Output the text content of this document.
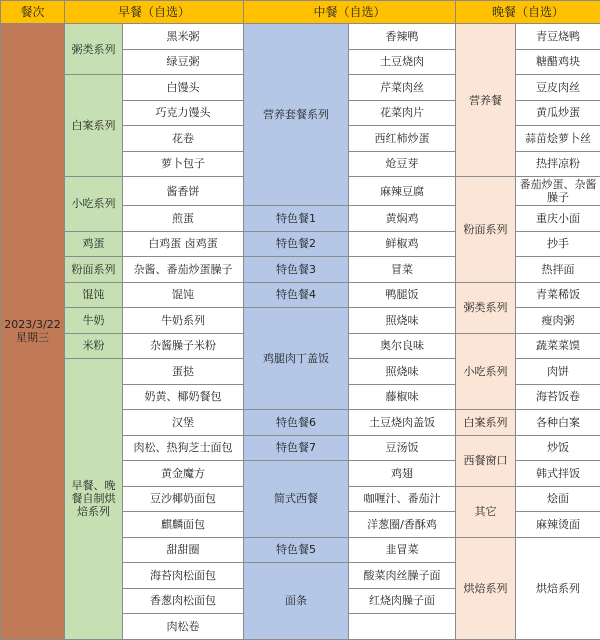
餐次	早餐（自选）		中餐（自选）		晚餐（自选）	

2023/3/22
星期三	粥类系列	黑米粥	营养套餐系列	香辣鸭	营养餐	青豆烧鸭
		绿豆粥		土豆烧肉		糖醋鸡块
	白案系列	白馒头		芹菜肉丝		豆皮肉丝
		巧克力馒头		花菜肉片		黄瓜炒蛋
		花卷		西红柿炒蛋		蒜苗烩萝卜丝
		萝卜包子		炝豆芽		热拌凉粉
	小吃系列	酱香饼		麻辣豆腐	粉面系列	番茄炒蛋、杂酱臊子
		煎蛋	特色餐1	黄焖鸡		重庆小面
	鸡蛋	白鸡蛋 卤鸡蛋	特色餐2	鲜椒鸡		抄手
	粉面系列	杂酱、番茄炒蛋臊子	特色餐3	冒菜		热拌面
	馄饨	馄饨	特色餐4	鸭腿饭	粥类系列	青菜稀饭
	牛奶	牛奶系列	鸡腿肉丁盖饭	照烧味		瘦肉粥
	米粉	杂酱臊子米粉		奥尔良味	小吃系列	蔬菜菜馍
	早餐、晚餐自制烘焙系列	蛋挞		照烧味		肉饼
		奶黄、椰奶餐包		藤椒味		海苔饭卷
		汉堡	特色餐6	土豆烧肉盖饭	白案系列	各种白案
		肉松、热狗芝士面包	特色餐7	豆汤饭	西餐窗口	炒饭
		黄金魔方	简式西餐	鸡翅		韩式拌饭
		豆沙椰奶面包		咖喱汁、番茄汁	其它	烩面
		麒麟面包		洋葱圈/香酥鸡		麻辣烫面
		甜甜圈	特色餐5	韭冒菜	烘焙系列	烘焙系列
		海苔肉松面包	面条	酸菜肉丝臊子面		
		香葱肉松面包		红烧肉臊子面		
		肉松卷				
